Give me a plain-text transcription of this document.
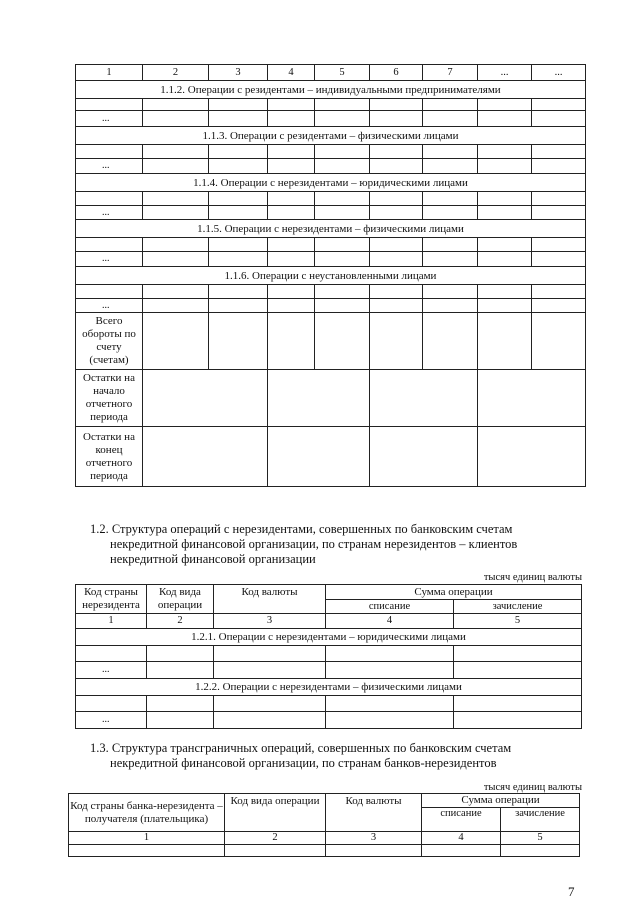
1	2	3	4	5	6	7	...	...
1.1.2. Операции с резидентами – индивидуальными предпринимателями								

...								
1.1.3. Операции с резидентами – физическими лицами								

...								
1.1.4. Операции с нерезидентами – юридическими лицами								

...								
1.1.5. Операции с нерезидентами – физическими лицами								

...								
1.1.6. Операции с неустановленными лицами								

...								
Всего обороты по счету (счетам)								
Остатки на начало отчетного периода								
Остатки на конец отчетного периода								
1.2. Структура операций с нерезидентами, совершенных по банковским счетам
некредитной финансовой организации, по странам нерезидентов – клиентов
некредитной финансовой организации
тысяч единиц валюты
Код страны нерезидента	Код вида операции	Код валюты	Сумма операции	
			списание	зачисление
1	2	3	4	5
1.2.1. Операции с нерезидентами – юридическими лицами				

...				
1.2.2. Операции с нерезидентами – физическими лицами				

...				
1.3. Структура трансграничных операций, совершенных по банковским счетам
некредитной финансовой организации, по странам банков-нерезидентов
тысяч единиц валюты
Код страны банка-нерезидента – получателя (плательщика)	Код вида операции	Код валюты	Сумма операции	
			списание	зачисление
1	2	3	4	5

7
